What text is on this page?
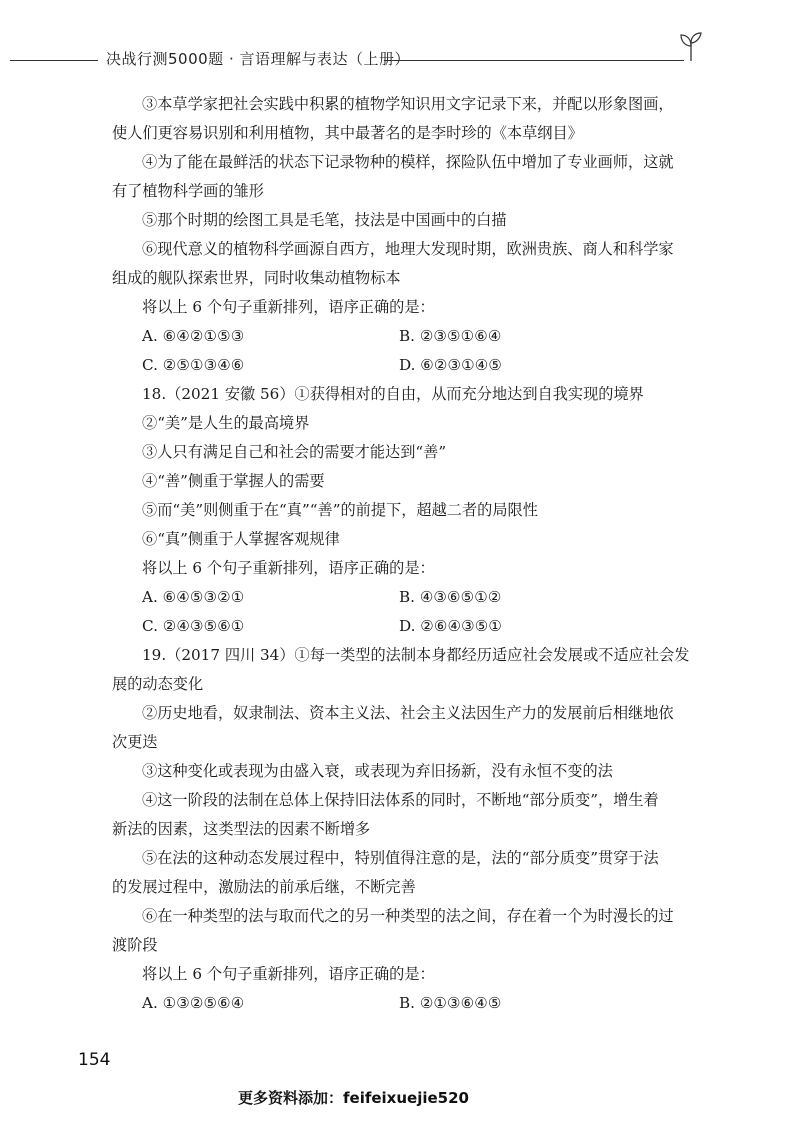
决战行测5000题 · 言语理解与表达（上册）
③本草学家把社会实践中积累的植物学知识用文字记录下来，并配以形象图画，
使人们更容易识别和利用植物，其中最著名的是李时珍的《本草纲目》
④为了能在最鲜活的状态下记录物种的模样，探险队伍中增加了专业画师，这就
有了植物科学画的雏形
⑤那个时期的绘图工具是毛笔，技法是中国画中的白描
⑥现代意义的植物科学画源自西方，地理大发现时期，欧洲贵族、商人和科学家
组成的舰队探索世界，同时收集动植物标本
将以上 6 个句子重新排列，语序正确的是：
A. ⑥④②①⑤③	B. ②③⑤①⑥④
C. ②⑤①③④⑥	D. ⑥②③①④⑤
18.（2021 安徽 56）①获得相对的自由，从而充分地达到自我实现的境界
②“美”是人生的最高境界
③人只有满足自己和社会的需要才能达到“善”
④“善”侧重于掌握人的需要
⑤而“美”则侧重于在“真”“善”的前提下，超越二者的局限性
⑥“真”侧重于人掌握客观规律
将以上 6 个句子重新排列，语序正确的是：
A. ⑥④⑤③②①	B. ④③⑥⑤①②
C. ②④③⑤⑥①	D. ②⑥④③⑤①
19.（2017 四川 34）①每一类型的法制本身都经历适应社会发展或不适应社会发
展的动态变化
②历史地看，奴隶制法、资本主义法、社会主义法因生产力的发展前后相继地依
次更迭
③这种变化或表现为由盛入衰，或表现为弃旧扬新，没有永恒不变的法
④这一阶段的法制在总体上保持旧法体系的同时，不断地“部分质变”，增生着
新法的因素，这类型法的因素不断增多
⑤在法的这种动态发展过程中，特别值得注意的是，法的“部分质变”贯穿于法
的发展过程中，激励法的前承后继，不断完善
⑥在一种类型的法与取而代之的另一种类型的法之间，存在着一个为时漫长的过
渡阶段
将以上 6 个句子重新排列，语序正确的是：
A. ①③②⑤⑥④	B. ②①③⑥④⑤
154
更多资料添加：feifeixuejie520
